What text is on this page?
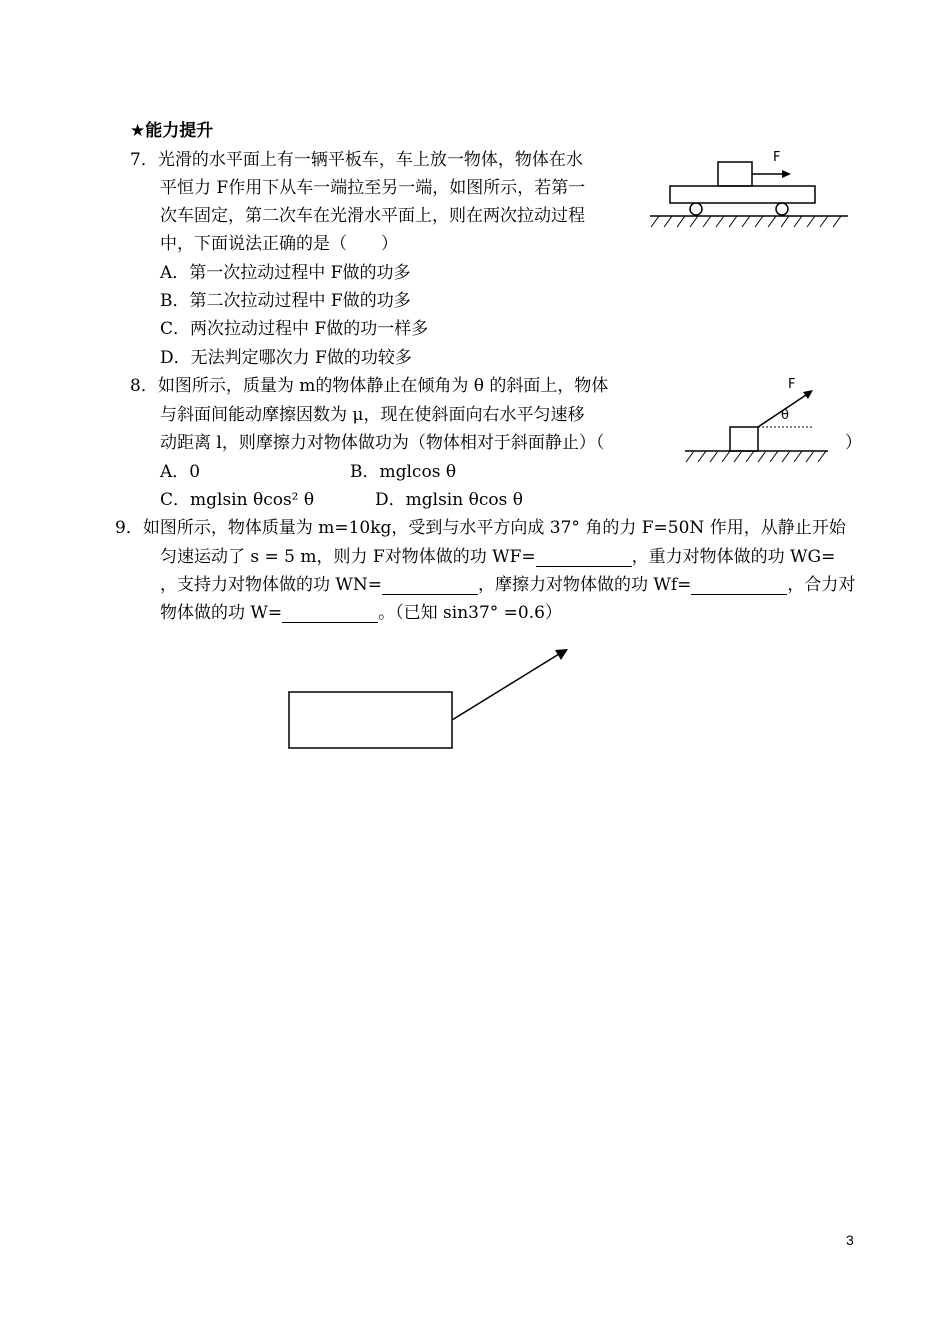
★能力提升
7．光滑的水平面上有一辆平板车，车上放一物体，物体在水
平恒力 F作用下从车一端拉至另一端，如图所示，若第一
次车固定，第二次车在光滑水平面上，则在两次拉动过程
中，下面说法正确的是（　　）
A．第一次拉动过程中 F做的功多
B．第二次拉动过程中 F做的功多
C．两次拉动过程中 F做的功一样多
D．无法判定哪次力 F做的功较多
F
8．如图所示，质量为 m的物体静止在倾角为 θ 的斜面上，物体
与斜面间能动摩擦因数为 μ，现在使斜面向右水平匀速移
动距离 l，则摩擦力对物体做功为（物体相对于斜面静止）（	）
A．0	B．mglcos θ
C．mglsin θcos² θ	D．mglsin θcos θ
F
θ
9．如图所示，物体质量为 m=10kg，受到与水平方向成 37° 角的力 F=50N 作用，从静止开始
匀速运动了 s = 5 m，则力 F对物体做的功 WF=	，重力对物体做的功 WG=
，支持力对物体做的功 WN=	，摩擦力对物体做的功 Wf=	，合力对
物体做的功 W=	。（已知 sin37° =0.6）
3
